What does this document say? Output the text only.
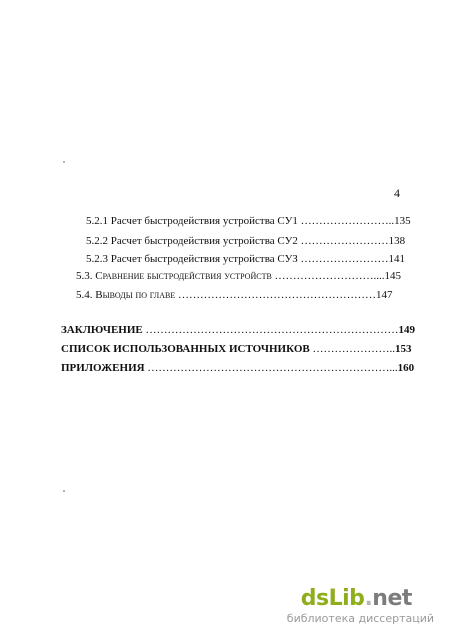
4
5.2.1 Расчет быстродействия устройства СУ1 ……………………..135
5.2.2 Расчет быстродействия устройства СУ2 ……………………138
5.2.3 Расчет быстродействия устройства СУЗ ……………………141
5.3. Сравнение быстродействия устройств ………………………....145
5.4. Выводы по главе ………………………………………………147
ЗАКЛЮЧЕНИЕ ……………………………………………………………149
СПИСОК ИСПОЛЬЗОВАННЫХ ИСТОЧНИКОВ …………………..153
ПРИЛОЖЕНИЯ …………………………………………………………...160
dsLib.net
библиотека диссертаций
